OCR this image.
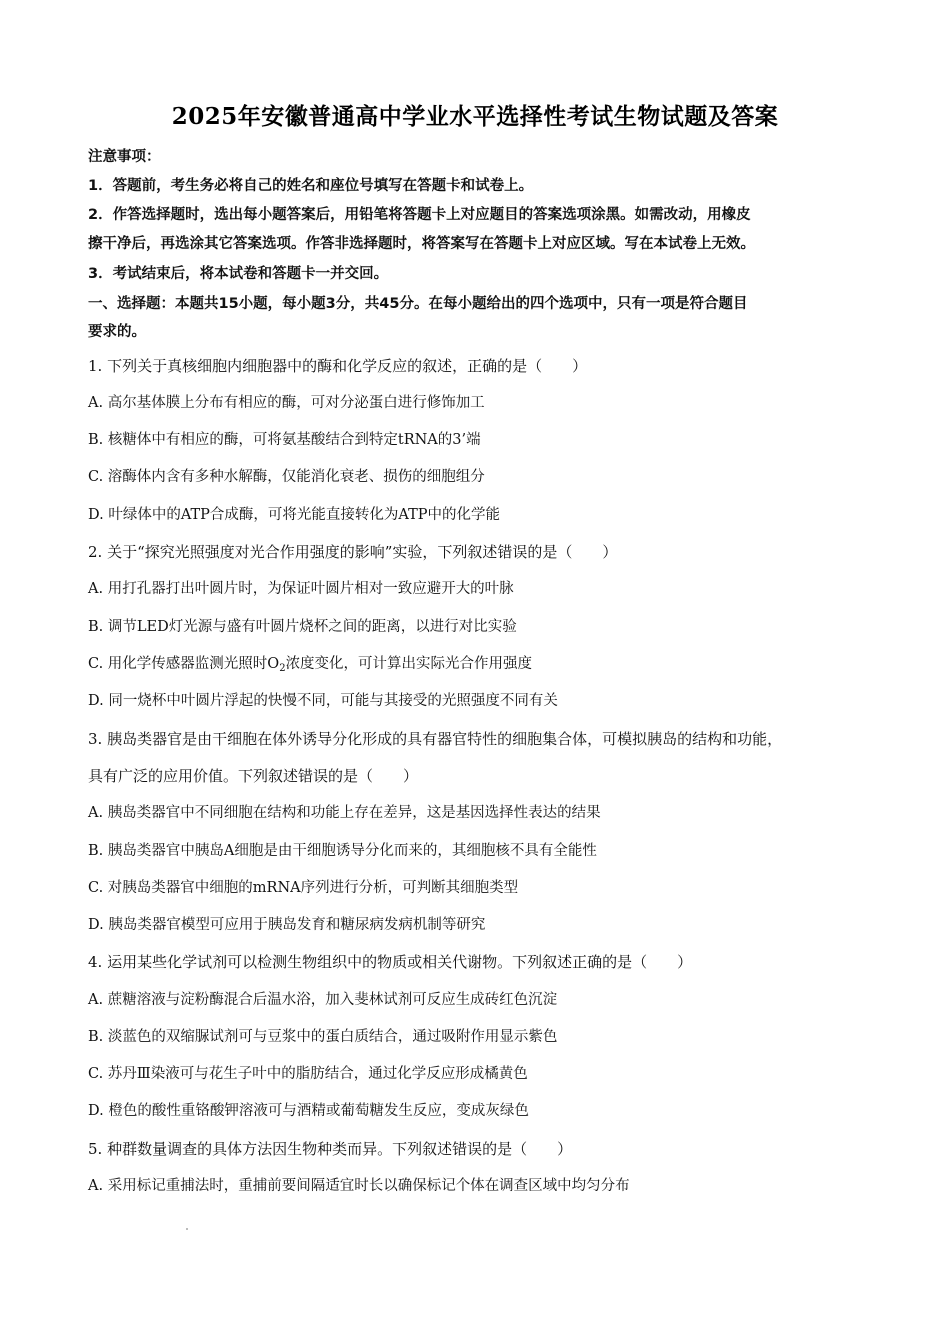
2025年安徽普通高中学业水平选择性考试生物试题及答案
注意事项：
1．答题前，考生务必将自己的姓名和座位号填写在答题卡和试卷上。
2．作答选择题时，选出每小题答案后，用铅笔将答题卡上对应题目的答案选项涂黑。如需改动，用橡皮
擦干净后，再选涂其它答案选项。作答非选择题时，将答案写在答题卡上对应区域。写在本试卷上无效。
3．考试结束后，将本试卷和答题卡一并交回。
一、选择题：本题共15小题，每小题3分，共45分。在每小题给出的四个选项中，只有一项是符合题目
要求的。
1. 下列关于真核细胞内细胞器中的酶和化学反应的叙述，正确的是（　　）
A. 高尔基体膜上分布有相应的酶，可对分泌蛋白进行修饰加工
B. 核糖体中有相应的酶，可将氨基酸结合到特定tRNA的3’端
C. 溶酶体内含有多种水解酶，仅能消化衰老、损伤的细胞组分
D. 叶绿体中的ATP合成酶，可将光能直接转化为ATP中的化学能
2. 关于“探究光照强度对光合作用强度的影响”实验，下列叙述错误的是（　　）
A. 用打孔器打出叶圆片时，为保证叶圆片相对一致应避开大的叶脉
B. 调节LED灯光源与盛有叶圆片烧杯之间的距离，以进行对比实验
C. 用化学传感器监测光照时$O_2$浓度变化，可计算出实际光合作用强度
D. 同一烧杯中叶圆片浮起的快慢不同，可能与其接受的光照强度不同有关
3. 胰岛类器官是由干细胞在体外诱导分化形成的具有器官特性的细胞集合体，可模拟胰岛的结构和功能，
具有广泛的应用价值。下列叙述错误的是（　　）
A. 胰岛类器官中不同细胞在结构和功能上存在差异，这是基因选择性表达的结果
B. 胰岛类器官中胰岛A细胞是由干细胞诱导分化而来的，其细胞核不具有全能性
C. 对胰岛类器官中细胞的mRNA序列进行分析，可判断其细胞类型
D. 胰岛类器官模型可应用于胰岛发育和糖尿病发病机制等研究
4. 运用某些化学试剂可以检测生物组织中的物质或相关代谢物。下列叙述正确的是（　　）
A. 蔗糖溶液与淀粉酶混合后温水浴，加入斐林试剂可反应生成砖红色沉淀
B. 淡蓝色的双缩脲试剂可与豆浆中的蛋白质结合，通过吸附作用显示紫色
C. 苏丹Ⅲ染液可与花生子叶中的脂肪结合，通过化学反应形成橘黄色
D. 橙色的酸性重铬酸钾溶液可与酒精或葡萄糖发生反应，变成灰绿色
5. 种群数量调查的具体方法因生物种类而异。下列叙述错误的是（　　）
A. 采用标记重捕法时，重捕前要间隔适宜时长以确保标记个体在调查区域中均匀分布
